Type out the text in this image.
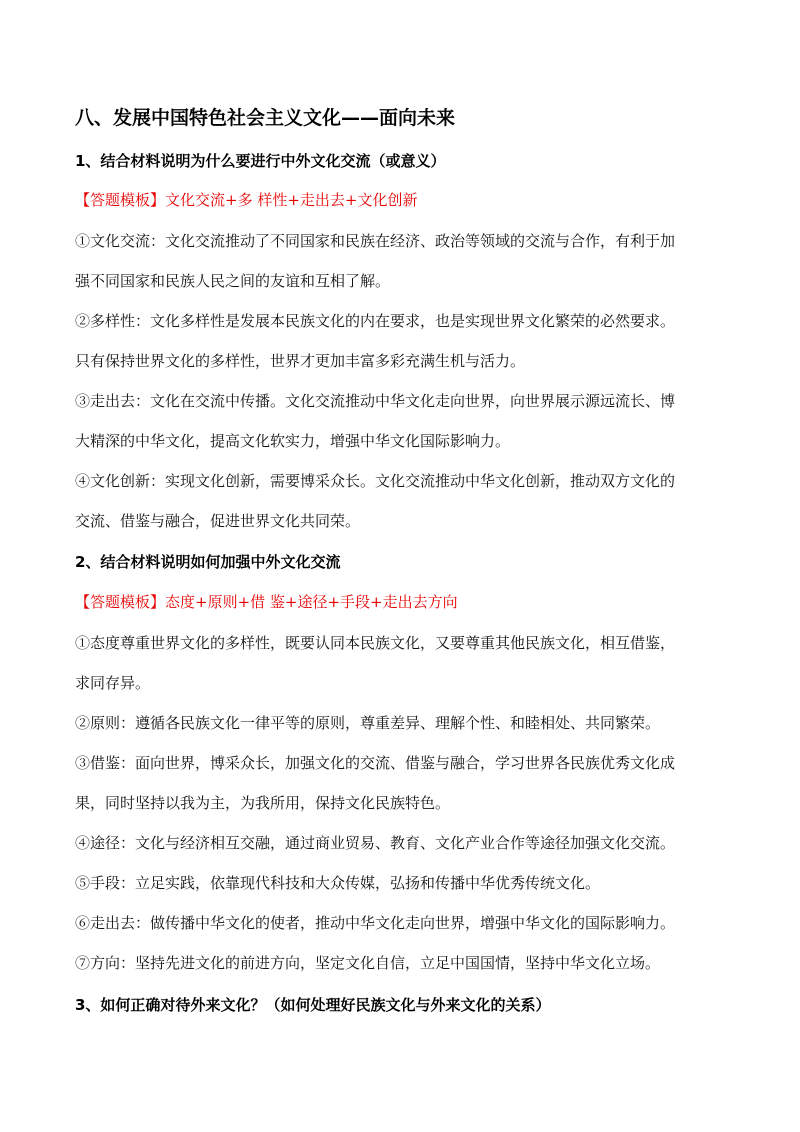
八、发展中国特色社会主义文化——面向未来
1、结合材料说明为什么要进行中外文化交流（或意义）
【答题模板】文化交流+多 样性+走出去+文化创新
①文化交流：文化交流推动了不同国家和民族在经济、政治等领域的交流与合作，有利于加
强不同国家和民族人民之间的友谊和互相了解。
②多样性：文化多样性是发展本民族文化的内在要求，也是实现世界文化繁荣的必然要求。
只有保持世界文化的多样性，世界才更加丰富多彩充满生机与活力。
③走出去：文化在交流中传播。文化交流推动中华文化走向世界，向世界展示源远流长、博
大精深的中华文化，提高文化软实力，增强中华文化国际影响力。
④文化创新：实现文化创新，需要博采众长。文化交流推动中华文化创新，推动双方文化的
交流、借鉴与融合，促进世界文化共同荣。
2、结合材料说明如何加强中外文化交流
【答题模板】态度+原则+借 鉴+途径+手段+走出去方向
①态度尊重世界文化的多样性，既要认同本民族文化，又要尊重其他民族文化，相互借鉴，
求同存异。
②原则：遵循各民族文化一律平等的原则，尊重差异、理解个性、和睦相处、共同繁荣。
③借鉴：面向世界，博采众长，加强文化的交流、借鉴与融合，学习世界各民族优秀文化成
果，同时坚持以我为主，为我所用，保持文化民族特色。
④途径：文化与经济相互交融，通过商业贸易、教育、文化产业合作等途径加强文化交流。
⑤手段：立足实践，依靠现代科技和大众传媒，弘扬和传播中华优秀传统文化。
⑥走出去：做传播中华文化的使者，推动中华文化走向世界，增强中华文化的国际影响力。
⑦方向：坚持先进文化的前进方向，坚定文化自信，立足中国国情，坚持中华文化立场。
3、如何正确对待外来文化？（如何处理好民族文化与外来文化的关系）
